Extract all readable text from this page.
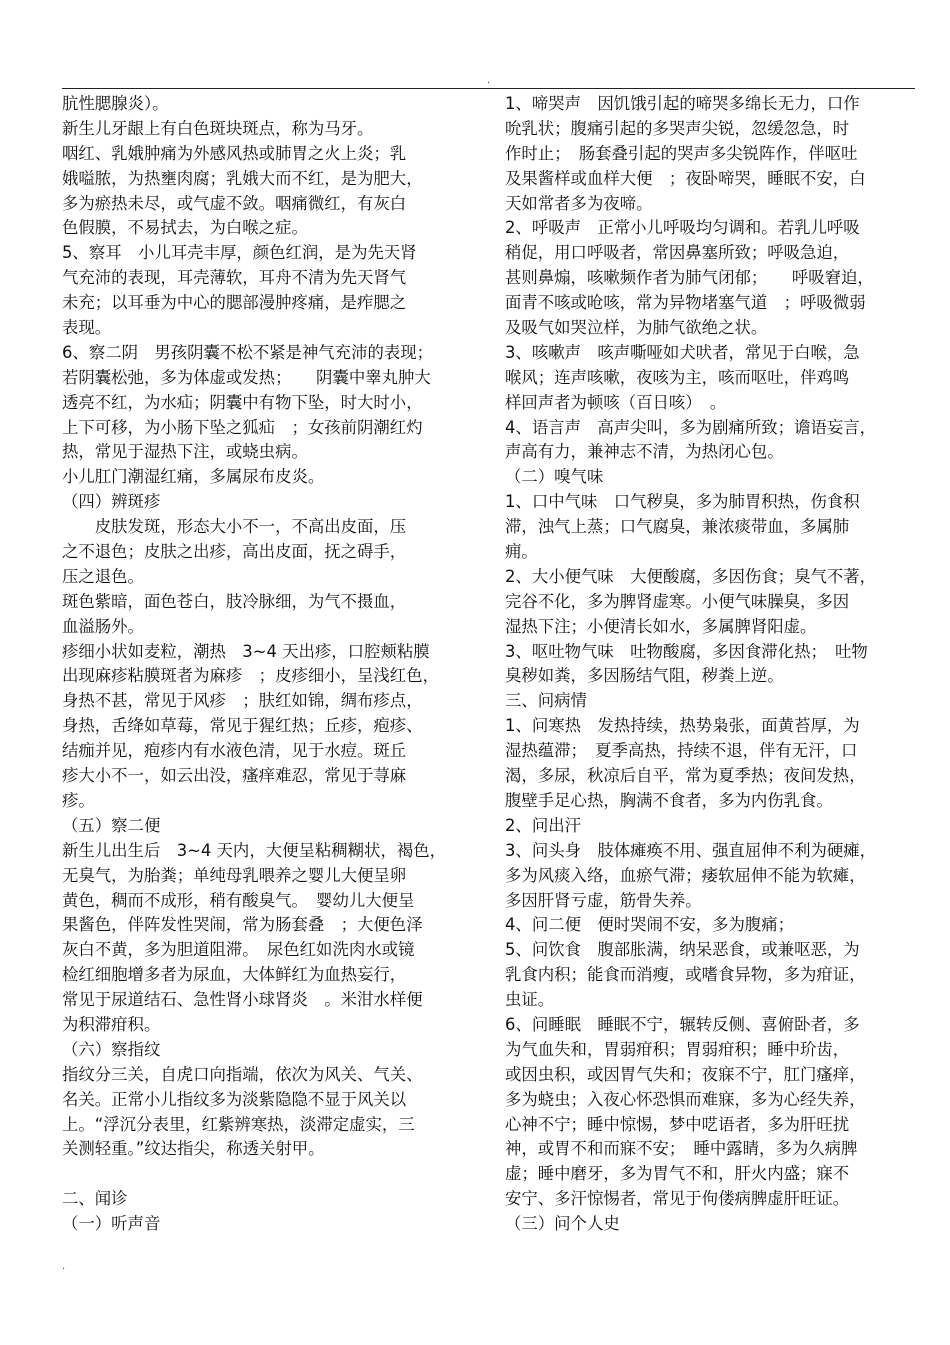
.
肮性腮腺炎）。
新生儿牙龈上有白色斑块斑点，称为马牙。
咽红、乳娥肿痛为外感风热或肺胃之火上炎；乳
娥嗌脓，为热壅肉腐；乳娥大而不红，是为肥大，
多为瘀热未尽，或气虚不敛。咽痛微红，有灰白
色假膜，不易拭去，为白喉之症。
5、察耳　小儿耳壳丰厚，颜色红润，是为先天肾
气充沛的表现，耳壳薄软，耳舟不清为先天肾气
未充；以耳垂为中心的腮部漫肿疼痛，是痄腮之
表现。
6、察二阴　男孩阴囊不松不紧是神气充沛的表现；
若阴囊松弛，多为体虚或发热；　　阴囊中睾丸肿大
透亮不红，为水疝；阴囊中有物下坠，时大时小，
上下可移，为小肠下坠之狐疝　；女孩前阴潮红灼
热，常见于湿热下注，或蛲虫病。
小儿肛门潮湿红痛，多属尿布皮炎。
（四）辨斑疹
　　皮肤发斑，形态大小不一，不高出皮面，压
之不退色；皮肤之出疹，高出皮面，抚之碍手，
压之退色。
斑色紫暗，面色苍白，肢冷脉细，为气不摄血，
血溢肠外。
疹细小状如麦粒，潮热　3~4 天出疹，口腔颊粘膜
出现麻疹粘膜斑者为麻疹　；皮疹细小，呈浅红色，
身热不甚，常见于风疹　；肤红如锦，绸布疹点，
身热，舌绛如草莓，常见于猩红热；丘疹，疱疹、
结痂并见，疱疹内有水液色清，见于水痘。斑丘
疹大小不一，如云出没，瘙痒难忍，常见于荨麻
疹。
（五）察二便
新生儿出生后　3~4 天内，大便呈粘稠糊状，褐色，
无臭气，为胎粪；单纯母乳喂养之婴儿大便呈卵
黄色，稠而不成形，稍有酸臭气。　婴幼儿大便呈
果酱色，伴阵发性哭闹，常为肠套叠　；大便色泽
灰白不黄，多为胆道阻滞。　尿色红如洗肉水或镜
检红细胞增多者为尿血，大体鲜红为血热妄行，
常见于尿道结石、急性肾小球肾炎　。米泔水样便
为积滞疳积。
（六）察指纹
指纹分三关，自虎口向指端，依次为风关、气关、
名关。正常小儿指纹多为淡紫隐隐不显于风关以
上。“浮沉分表里，红紫辨寒热，淡滞定虚实，三
关测轻重。”纹达指尖，称透关射甲。
二、闻诊
（一）听声音
1、啼哭声　因饥饿引起的啼哭多绵长无力，口作
吮乳状；腹痛引起的多哭声尖锐，忽缓忽急，时
作时止；　肠套叠引起的哭声多尖锐阵作，伴呕吐
及果酱样或血样大便　；夜卧啼哭，睡眠不安，白
天如常者多为夜啼。
2、呼吸声　正常小儿呼吸均匀调和。若乳儿呼吸
稍促，用口呼吸者，常因鼻塞所致；呼吸急迫，
甚则鼻煽，咳嗽频作者为肺气闭郁；　　呼吸窘迫，
面青不咳或呛咳，常为异物堵塞气道　；呼吸微弱
及吸气如哭泣样，为肺气欲绝之状。
3、咳嗽声　咳声嘶哑如犬吠者，常见于白喉，急
喉风；连声咳嗽，夜咳为主，咳而呕吐，伴鸡鸣
样回声者为顿咳（百日咳）　。
4、语言声　高声尖叫，多为剧痛所致；谵语妄言，
声高有力，兼神志不清，为热闭心包。
（二）嗅气味
1、口中气味　口气秽臭，多为肺胃积热，伤食积
滞，浊气上蒸；口气腐臭，兼浓痰带血，多属肺
痈。
2、大小便气味　大便酸腐，多因伤食；臭气不著，
完谷不化，多为脾肾虚寒。小便气味臊臭，多因
湿热下注；小便清长如水，多属脾肾阳虚。
3、呕吐物气味　吐物酸腐，多因食滞化热；　吐物
臭秽如粪，多因肠结气阻，秽粪上逆。
三、问病情
1、问寒热　发热持续，热势枭张，面黄苔厚，为
湿热蕴滞；　夏季高热，持续不退，伴有无汗，口
渴，多尿，秋凉后自平，常为夏季热；夜间发热，
腹壁手足心热，胸满不食者，多为内伤乳食。
2、问出汗
3、问头身　肢体瘫痪不用、强直屈伸不利为硬瘫，
多为风痰入络，血瘀气滞；痿软屈伸不能为软瘫，
多因肝肾亏虚，筋骨失养。
4、问二便　便时哭闹不安，多为腹痛；
5、问饮食　腹部胀满，纳呆恶食，或兼呕恶，为
乳食内积；能食而消瘦，或嗜食异物，多为疳证，
虫证。
6、问睡眠　睡眠不宁，辗转反侧、喜俯卧者，多
为气血失和，胃弱疳积；胃弱疳积；睡中玠齿，
或因虫积，或因胃气失和；夜寐不宁，肛门瘙痒，
多为蛲虫；入夜心怀恐惧而难寐，多为心经失养，
心神不宁；睡中惊惕，梦中呓语者，多为肝旺扰
神，或胃不和而寐不安；　睡中露睛，多为久病脾
虚；睡中磨牙，多为胃气不和，肝火内盛；寐不
安宁、多汗惊惕者，常见于佝偻病脾虚肝旺证。
（三）问个人史
.
